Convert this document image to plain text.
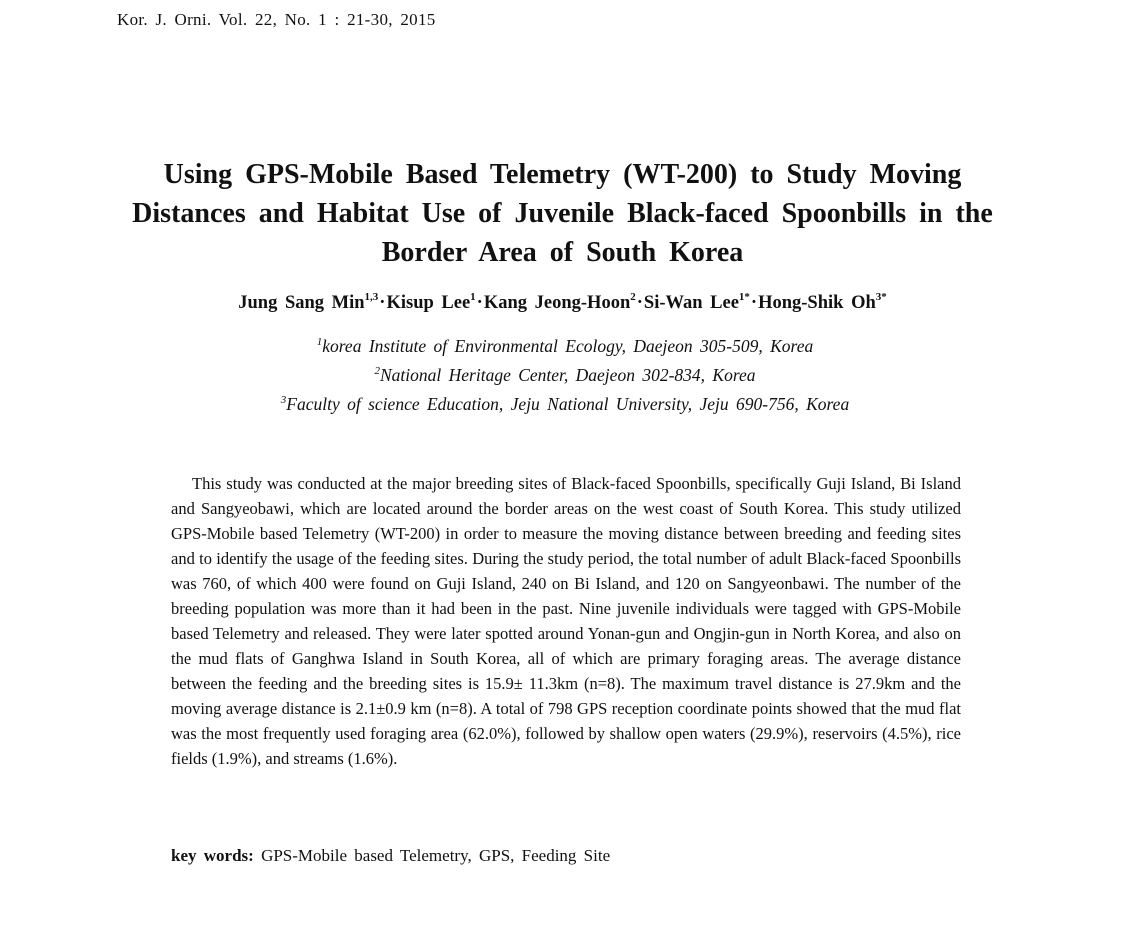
Kor. J. Orni. Vol. 22, No. 1 : 21-30, 2015
Using GPS-Mobile Based Telemetry (WT-200) to Study Moving
Distances and Habitat Use of Juvenile Black-faced Spoonbills in the
Border Area of South Korea
Jung Sang Min$^{1,3}$·Kisup Lee$^1$·Kang Jeong-Hoon$^2$·Si-Wan Lee$^{1*}$·Hong-Shik $Oh^{3*}$
$^1$korea Institute of Environmental Ecology, Daejeon 305-509, Korea
$^2$National Heritage Center, Daejeon 302-834, Korea
$^3$Faculty of science Education, Jeju National University, Jeju 690-756, Korea

This study was conducted at the major breeding sites of Black-faced Spoonbills, specifically Guji Island, Bi Island and Sangyeobawi, which are located around the border areas on the west coast of South Korea. This study utilized GPS-Mobile based Telemetry (WT-200) in order to measure the moving distance between breeding and feeding sites and to identify the usage of the feeding sites. During the study period, the total number of adult Black-faced Spoonbills was 760, of which 400 were found on Guji Island, 240 on Bi Island, and 120 on Sangyeonbawi. The number of the breeding population was more than it had been in the past. Nine juvenile individuals were tagged with GPS-Mobile based Telemetry and released. They were later spotted around Yonan-gun and Ongjin-gun in North Korea, and also on the mud flats of Ganghwa Island in South Korea, all of which are primary foraging areas. The average distance between the feeding and the breeding sites is 15.9± 11.3km (n=8). The maximum travel distance is 27.9km and the moving average distance is 2.1±0.9 km (n=8). A total of 798 GPS reception coordinate points showed that the mud flat was the most frequently used foraging area (62.0%), followed by shallow open waters (29.9%), reservoirs (4.5%), rice fields (1.9%), and streams (1.6%).

key words: GPS-Mobile based Telemetry, GPS, Feeding Site
